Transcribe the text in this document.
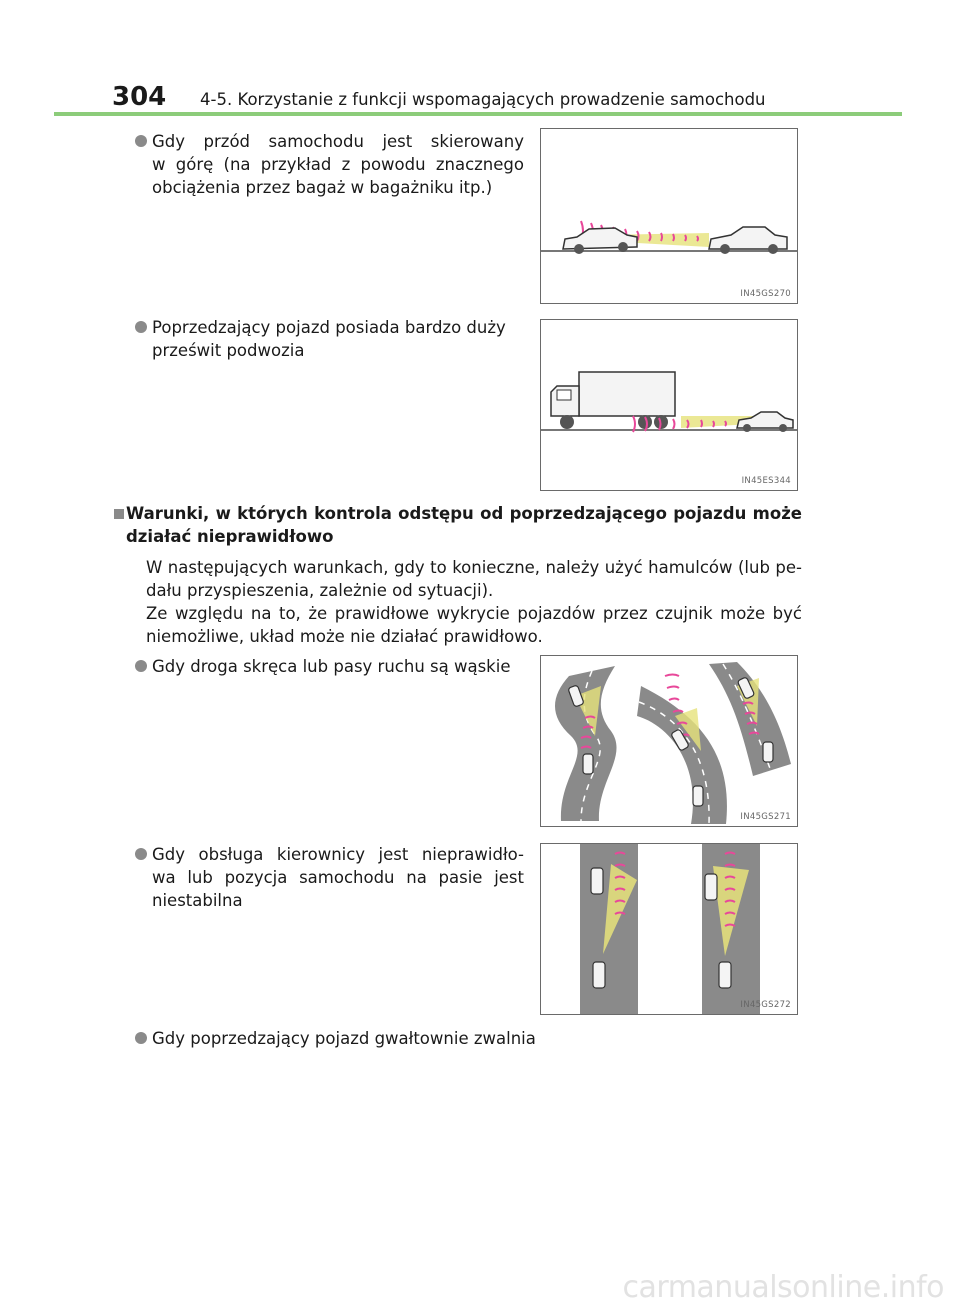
304 4-5. Korzystanie z funkcji wspomagających prowadzenie samochodu
Gdy przód samochodu jest skierowany
w górę (na przykład z powodu znacznego
obciążenia przez bagaż w bagażniku itp.)
IN45GS270
Poprzedzający pojazd posiada bardzo duży
prześwit podwozia
IN45ES344
Warunki, w których kontrola odstępu od poprzedzającego pojazdu może
działać nieprawidłowo
W następujących warunkach, gdy to konieczne, należy użyć hamulców (lub pe-
dału przyspieszenia, zależnie od sytuacji).
Ze względu na to, że prawidłowe wykrycie pojazdów przez czujnik może być
niemożliwe, układ może nie działać prawidłowo.
Gdy droga skręca lub pasy ruchu są wąskie
IN45GS271
Gdy obsługa kierownicy jest nieprawidło-
wa lub pozycja samochodu na pasie jest
niestabilna
IN45GS272
Gdy poprzedzający pojazd gwałtownie zwalnia
carmanualsonline.info
